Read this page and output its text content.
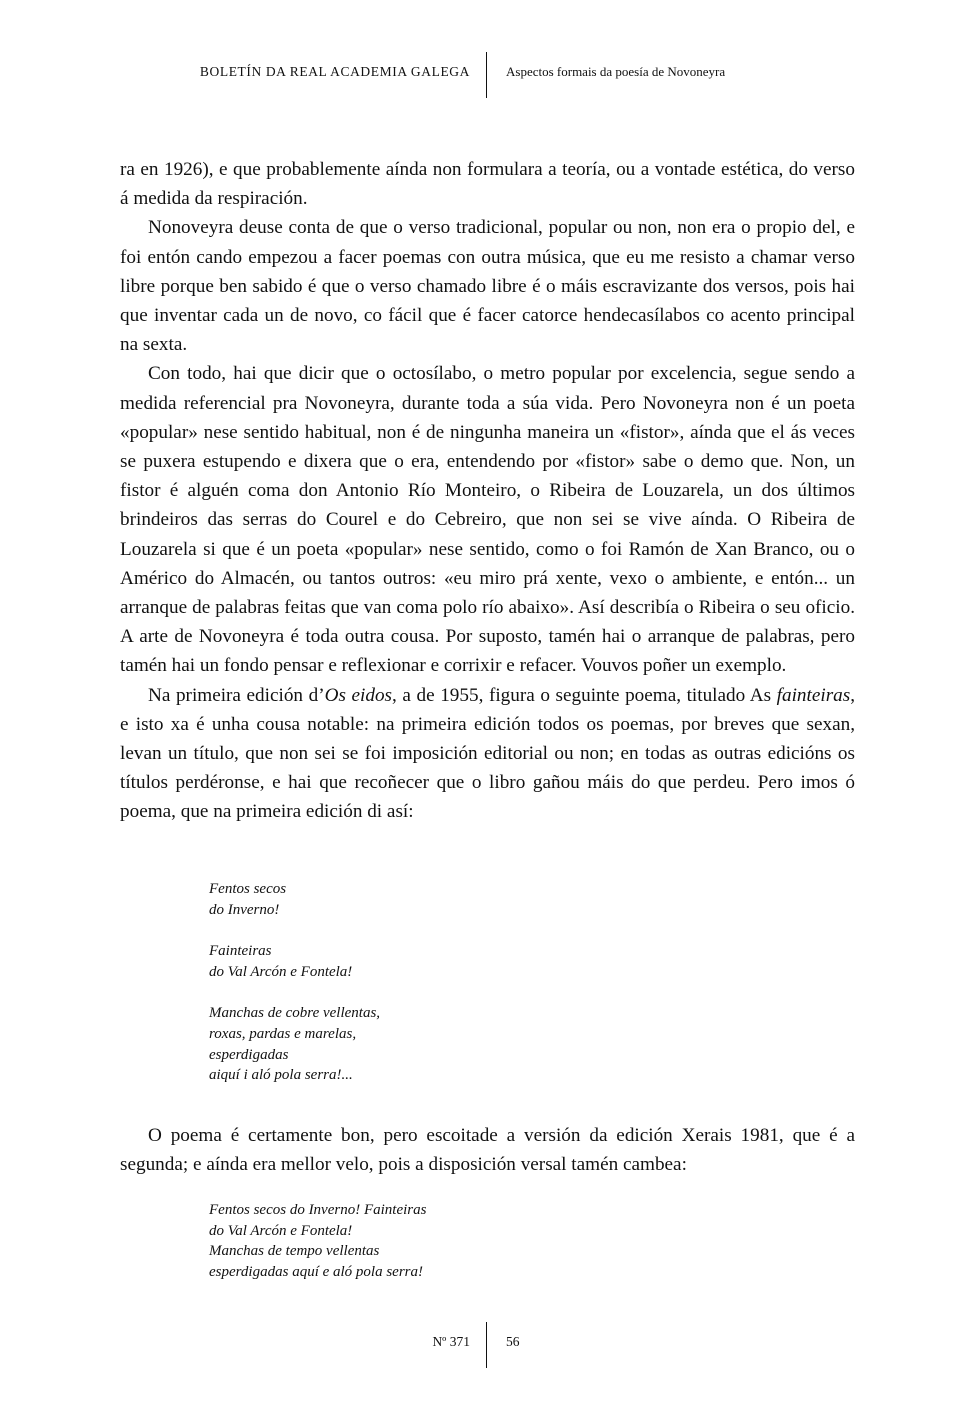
BOLETÍN DA REAL ACADEMIA GALEGA	Aspectos formais da poesía de Novoneyra

ra en 1926), e que probablemente aínda non formulara a teoría, ou a vontade estética, do verso á medida da respiración.

Nonoveyra deuse conta de que o verso tradicional, popular ou non, non era o propio del, e foi entón cando empezou a facer poemas con outra música, que eu me resisto a chamar verso libre porque ben sabido é que o verso chamado libre é o máis escravizante dos versos, pois hai que inventar cada un de novo, co fácil que é facer catorce hendecasílabos co acento principal na sexta.

Con todo, hai que dicir que o octosílabo, o metro popular por excelencia, segue sendo a medida referencial pra Novoneyra, durante toda a súa vida. Pero Novoneyra non é un poeta «popular» nese sentido habitual, non é de ningunha maneira un «fistor», aínda que el ás veces se puxera estupendo e dixera que o era, entendendo por «fistor» sabe o demo que. Non, un fistor é alguén coma don Antonio Río Monteiro, o Ribeira de Louzarela, un dos últimos brindeiros das serras do Courel e do Cebreiro, que non sei se vive aínda. O Ribeira de Louzarela si que é un poeta «popular» nese sentido, como o foi Ramón de Xan Branco, ou o Américo do Almacén, ou tantos outros: «eu miro prá xente, vexo o ambiente, e entón... un arranque de palabras feitas que van coma polo río abaixo». Así describía o Ribeira o seu oficio. A arte de Novoneyra é toda outra cousa. Por suposto, tamén hai o arranque de palabras, pero tamén hai un fondo pensar e reflexionar e corrixir e refacer. Vouvos poñer un exemplo.

Na primeira edición d’Os eidos, a de 1955, figura o seguinte poema, titulado As fainteiras, e isto xa é unha cousa notable: na primeira edición todos os poemas, por breves que sexan, levan un título, que non sei se foi imposición editorial ou non; en todas as outras edicións os títulos perdéronse, e hai que recoñecer que o libro gañou máis do que perdeu. Pero imos ó poema, que na primeira edición di así:

Fentos secos
do Inverno!
Fainteiras
do Val Arcón e Fontela!
Manchas de cobre vellentas,
roxas, pardas e marelas,
esperdigadas
aiquí i aló pola serra!...

O poema é certamente bon, pero escoitade a versión da edición Xerais 1981, que é a segunda; e aínda era mellor velo, pois a disposición versal tamén cambea:

Fentos secos do Inverno! Fainteiras
do Val Arcón e Fontela!
Manchas de tempo vellentas
esperdigadas aquí e aló pola serra!
Nº 371	56
